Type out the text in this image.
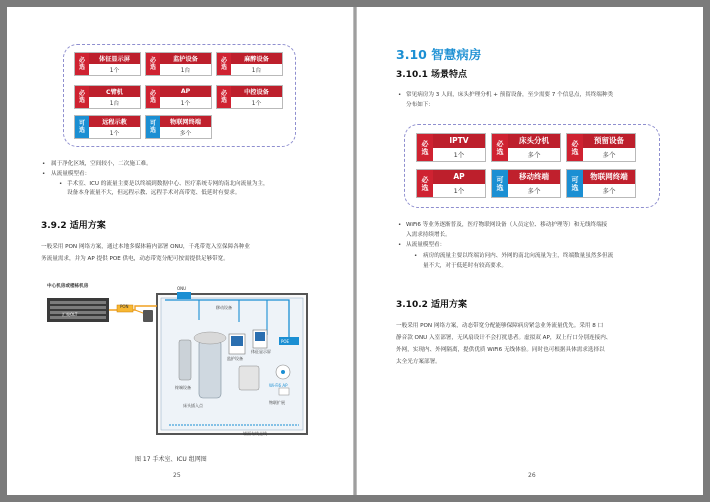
必
选
体征显示屏
1个
必
选
监护设备
1台
必
选
麻醉设备
1台
必
选
C臂机
1台
必
选
AP
1个
必
选
中控设备
1个
可
选
远程示教
1个
可
选
物联网终端
多个
• 属于净化区域，空间较小，二次施工难。
• 从流量模型看：
• 手术室、ICU 的流量主要是以终端到数据中心、医疗系统专网的南北向流量为主，
设备本身流量不大，但远程示教、远程手术对高带宽、低延时有要求。
3.9.2 适用方案
一般采用 PON 网络方案，通过本地多媒体箱内部署 ONU，千兆带宽入室保障各种业
务流量需求，并为 AP 提供 POE 供电，动态带宽分配可按需提供足够带宽。
中心机房或楼栋机房
汇聚OLT
PON
ONU
POE
Wi-Fi6 AP
物联扩展
监护设备
体征显示屏
移动设备
终端设备
床头插入点
墙面布线走线
图 17 手术室、ICU 组网图
25
3.10 智慧病房
3.10.1 场景特点
• 常见病房为 3 人间，床头护理分机 + 预留设备，至少需要 7 个信息点，其终端种类
分布如下：
必
选
IPTV
1个
必
选
床头分机
多个
必
选
预留设备
多个
必
选
AP
1个
可
选
移动终端
多个
可
选
物联网终端
多个
• WiFi6 等业务逐渐普及，医疗物联网设备（人员定位、移动护理等）和无线终端接
入需求持续增长。
• 从流量模型看：
• 病房的流量主要以终端访问内、外网的南北向流量为主，终端数量虽然多但流
量不大，对于低延时有较高要求。
3.10.2 适用方案
一般采用 PON 网络方案，动态带宽分配能够保障病房紧急业务流量优先。采用 8 口
静音款 ONU 入室部署，无风扇设计不会打扰患者。虚拟双 AP，双上行口分别连接内、
外网，实现内、外网隔离，提供优质 WiFi6 无线体验。同时也可根据具体需求选择以
太全光方案部署。
26
